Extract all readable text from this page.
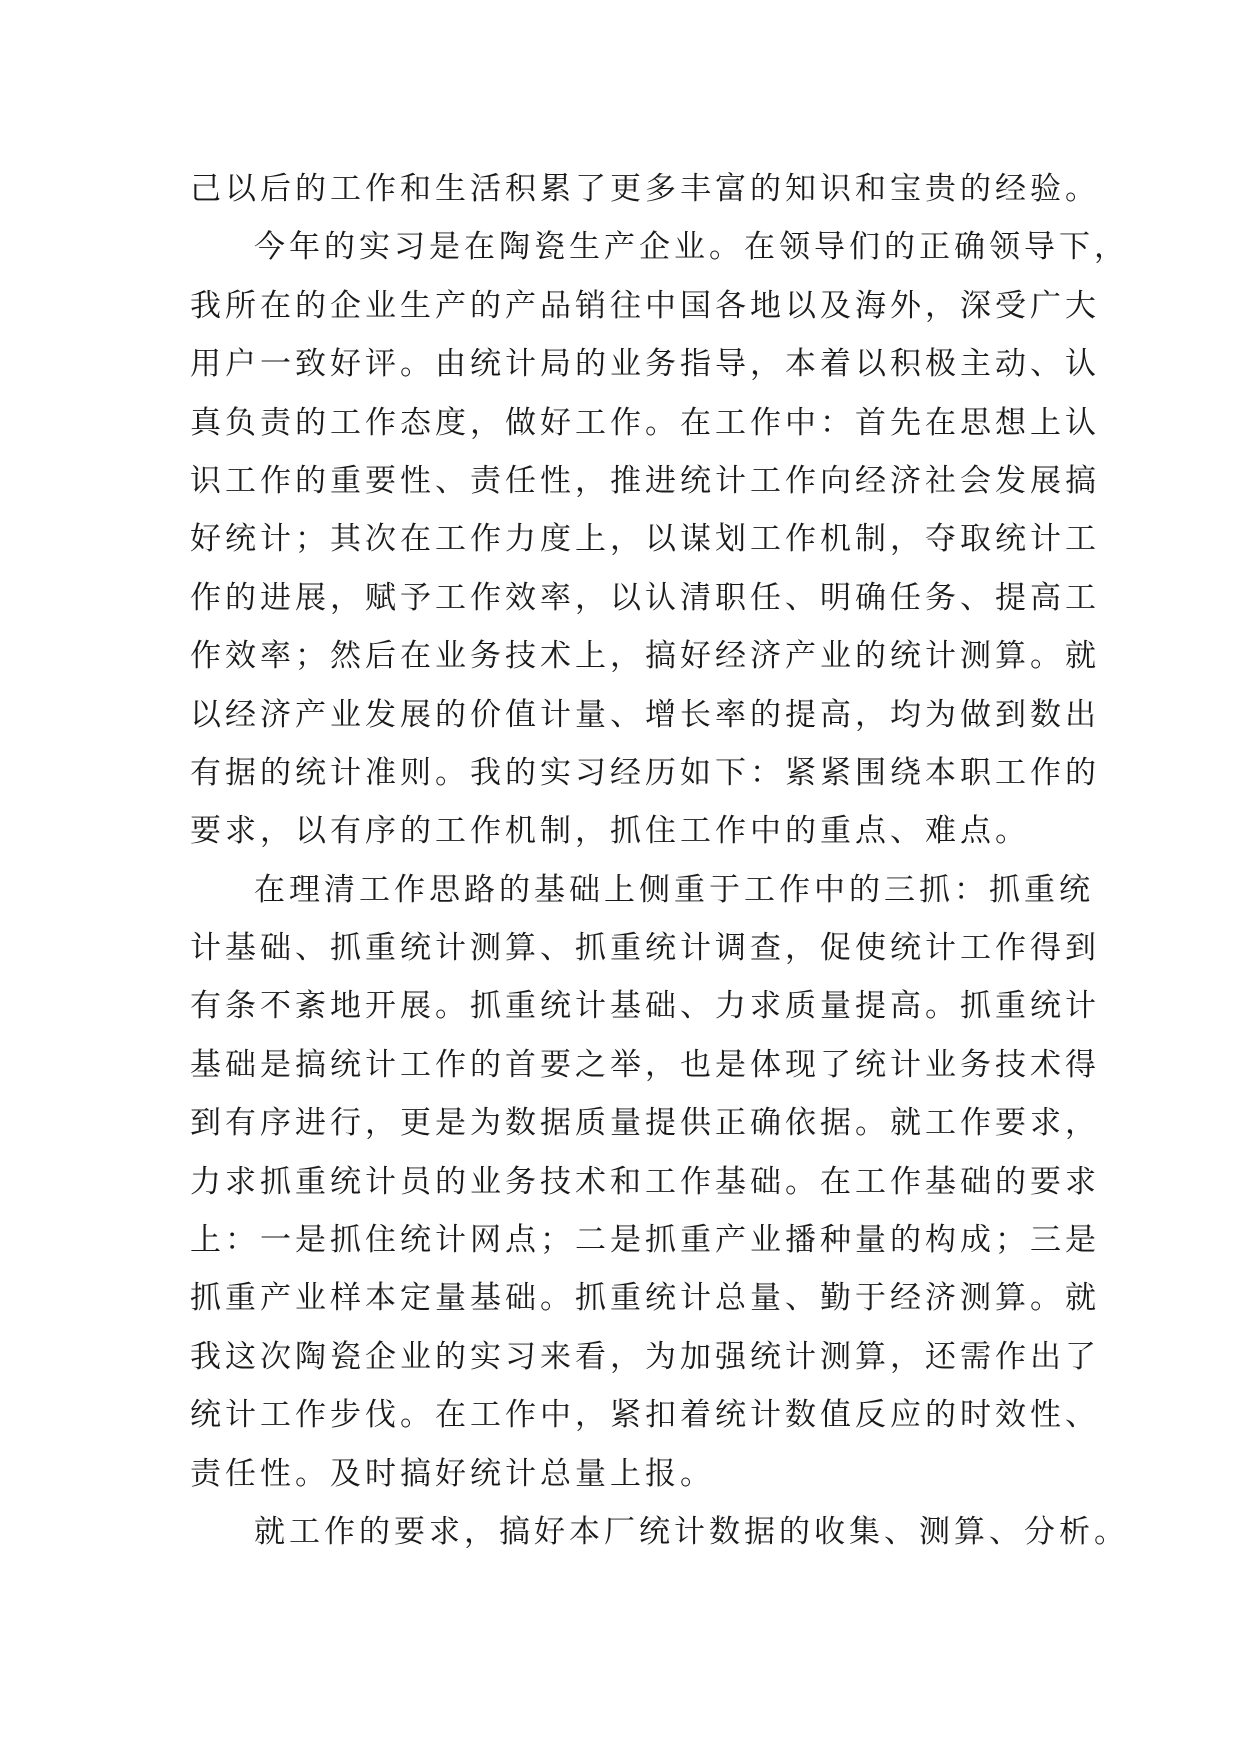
己以后的工作和生活积累了更多丰富的知识和宝贵的经验。
今年的实习是在陶瓷生产企业。在领导们的正确领导下，
我所在的企业生产的产品销往中国各地以及海外，深受广大
用户一致好评。由统计局的业务指导，本着以积极主动、认
真负责的工作态度，做好工作。在工作中：首先在思想上认
识工作的重要性、责任性，推进统计工作向经济社会发展搞
好统计；其次在工作力度上，以谋划工作机制，夺取统计工
作的进展，赋予工作效率，以认清职任、明确任务、提高工
作效率；然后在业务技术上，搞好经济产业的统计测算。就
以经济产业发展的价值计量、增长率的提高，均为做到数出
有据的统计准则。我的实习经历如下：紧紧围绕本职工作的
要求，以有序的工作机制，抓住工作中的重点、难点。
在理清工作思路的基础上侧重于工作中的三抓：抓重统
计基础、抓重统计测算、抓重统计调查，促使统计工作得到
有条不紊地开展。抓重统计基础、力求质量提高。抓重统计
基础是搞统计工作的首要之举，也是体现了统计业务技术得
到有序进行，更是为数据质量提供正确依据。就工作要求，
力求抓重统计员的业务技术和工作基础。在工作基础的要求
上：一是抓住统计网点；二是抓重产业播种量的构成；三是
抓重产业样本定量基础。抓重统计总量、勤于经济测算。就
我这次陶瓷企业的实习来看，为加强统计测算，还需作出了
统计工作步伐。在工作中，紧扣着统计数值反应的时效性、
责任性。及时搞好统计总量上报。
就工作的要求，搞好本厂统计数据的收集、测算、分析。
